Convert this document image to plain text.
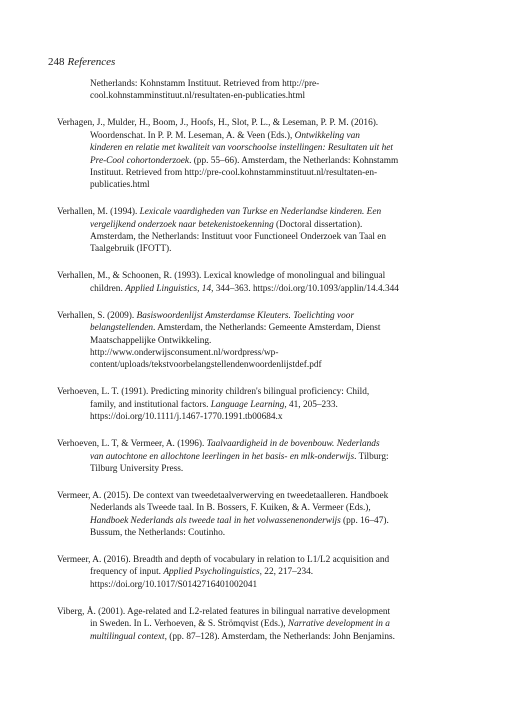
248 References
Netherlands: Kohnstamm Instituut. Retrieved from http://pre-
cool.kohnstamminstituut.nl/resultaten-en-publicaties.html
Verhagen, J., Mulder, H., Boom, J., Hoofs, H., Slot, P. L., & Leseman, P. P. M. (2016).
Woordenschat. In P. P. M. Leseman, A. & Veen (Eds.), Ontwikkeling van
kinderen en relatie met kwaliteit van voorschoolse instellingen: Resultaten uit het
Pre-Cool cohortonderzoek. (pp. 55–66). Amsterdam, the Netherlands: Kohnstamm
Instituut. Retrieved from http://pre-cool.kohnstamminstituut.nl/resultaten-en-
publicaties.html
Verhallen, M. (1994). Lexicale vaardigheden van Turkse en Nederlandse kinderen. Een
vergelijkend onderzoek naar betekenistoekenning (Doctoral dissertation).
Amsterdam, the Netherlands: Instituut voor Functioneel Onderzoek van Taal en
Taalgebruik (IFOTT).
Verhallen, M., & Schoonen, R. (1993). Lexical knowledge of monolingual and bilingual
children. Applied Linguistics, 14, 344–363. https://doi.org/10.1093/applin/14.4.344
Verhallen, S. (2009). Basiswoordenlijst Amsterdamse Kleuters. Toelichting voor
belangstellenden. Amsterdam, the Netherlands: Gemeente Amsterdam, Dienst
Maatschappelijke Ontwikkeling.
http://www.onderwijsconsument.nl/wordpress/wp-
content/uploads/tekstvoorbelangstellendenwoordenlijstdef.pdf
Verhoeven, L. T. (1991). Predicting minority children's bilingual proficiency: Child,
family, and institutional factors. Language Learning, 41, 205–233.
https://doi.org/10.1111/j.1467-1770.1991.tb00684.x
Verhoeven, L. T, & Vermeer, A. (1996). Taalvaardigheid in de bovenbouw. Nederlands
van autochtone en allochtone leerlingen in het basis- en mlk-onderwijs. Tilburg:
Tilburg University Press.
Vermeer, A. (2015). De context van tweedetaalverwerving en tweedetaalleren. Handboek
Nederlands als Tweede taal. In B. Bossers, F. Kuiken, & A. Vermeer (Eds.),
Handboek Nederlands als tweede taal in het volwassenenonderwijs (pp. 16–47).
Bussum, the Netherlands: Coutinho.
Vermeer, A. (2016). Breadth and depth of vocabulary in relation to L1/L2 acquisition and
frequency of input. Applied Psycholinguistics, 22, 217–234.
https://doi.org/10.1017/S0142716401002041
Viberg, Å. (2001). Age-related and L2-related features in bilingual narrative development
in Sweden. In L. Verhoeven, & S. Strömqvist (Eds.), Narrative development in a
multilingual context, (pp. 87–128). Amsterdam, the Netherlands: John Benjamins.
